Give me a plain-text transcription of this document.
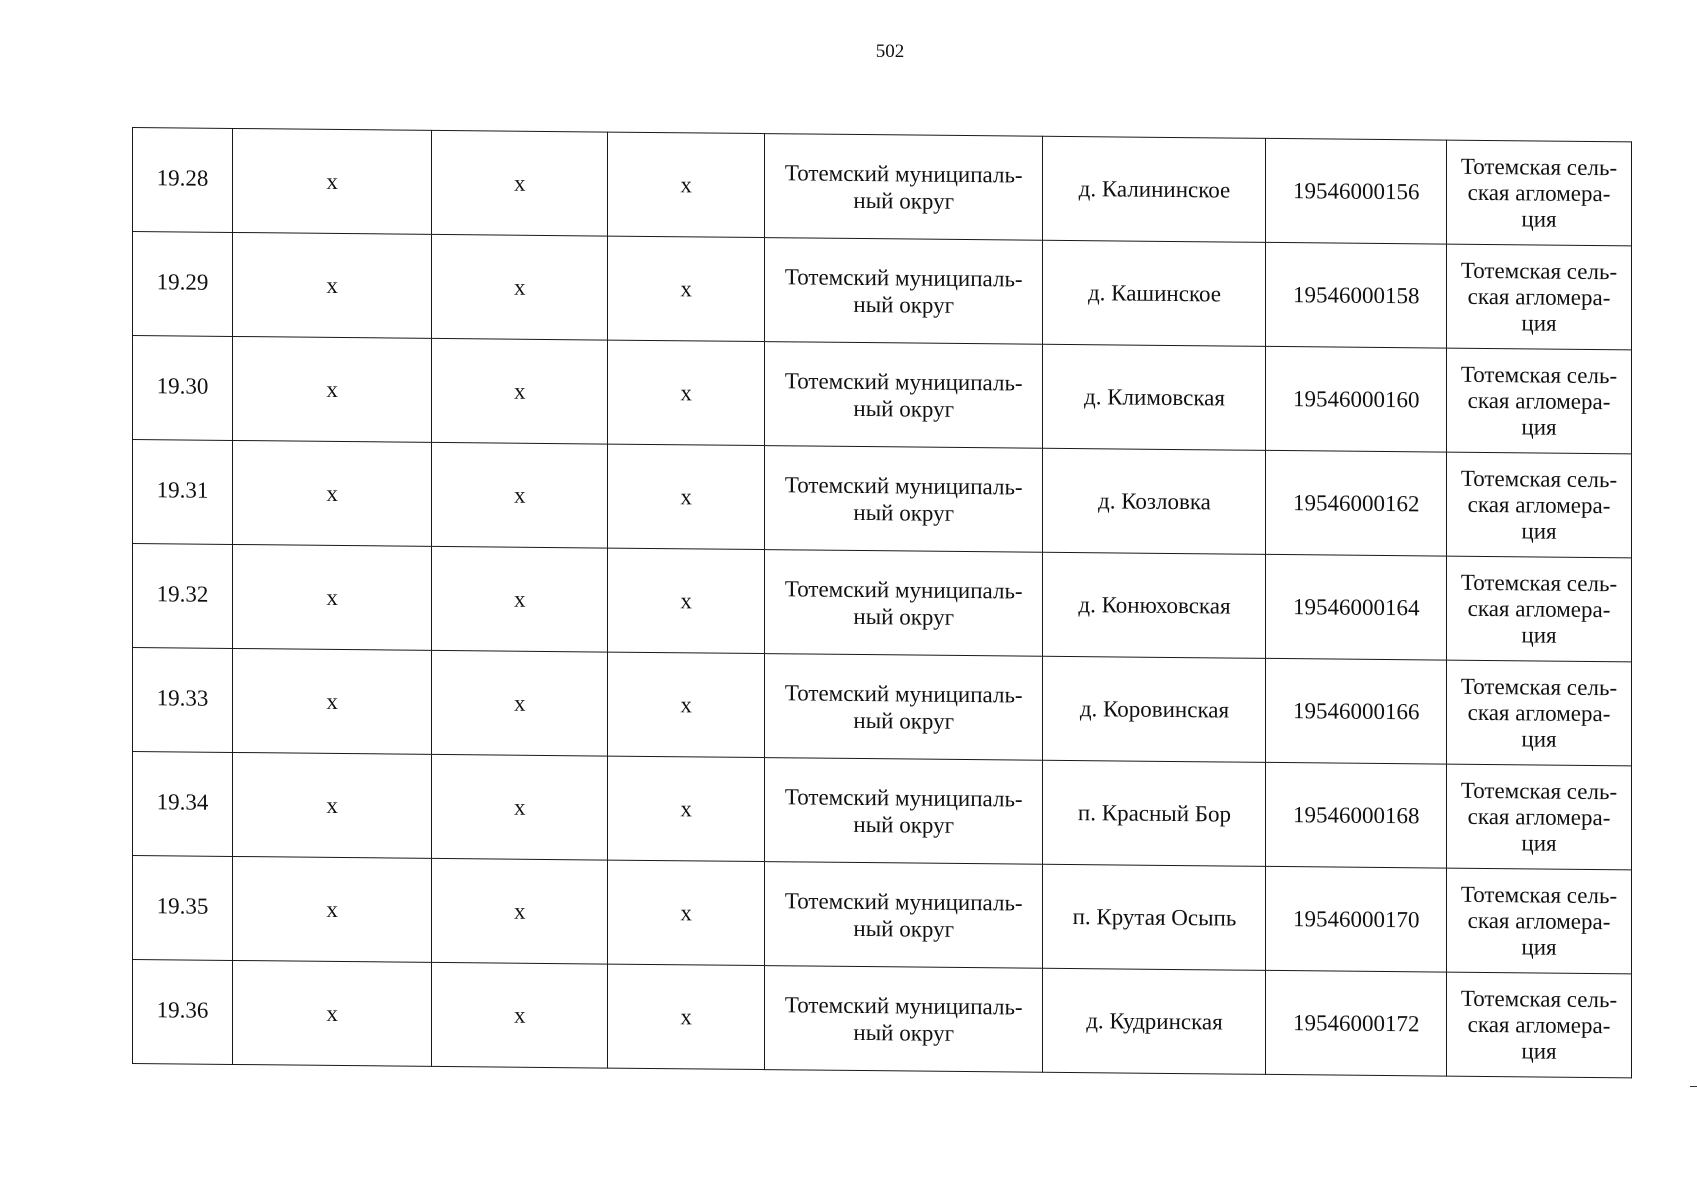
502
19.28	х	х	х	Тотемский муниципаль-ный округ	д. Калининское	19546000156	Тотемская сель-ская агломера-ция
19.29	х	х	х	Тотемский муниципаль-ный округ	д. Кашинское	19546000158	Тотемская сель-ская агломера-ция
19.30	х	х	х	Тотемский муниципаль-ный округ	д. Климовская	19546000160	Тотемская сель-ская агломера-ция
19.31	х	х	х	Тотемский муниципаль-ный округ	д. Козловка	19546000162	Тотемская сель-ская агломера-ция
19.32	х	х	х	Тотемский муниципаль-ный округ	д. Конюховская	19546000164	Тотемская сель-ская агломера-ция
19.33	х	х	х	Тотемский муниципаль-ный округ	д. Коровинская	19546000166	Тотемская сель-ская агломера-ция
19.34	х	х	х	Тотемский муниципаль-ный округ	п. Красный Бор	19546000168	Тотемская сель-ская агломера-ция
19.35	х	х	х	Тотемский муниципаль-ный округ	п. Крутая Осыпь	19546000170	Тотемская сель-ская агломера-ция
19.36	х	х	х	Тотемский муниципаль-ный округ	д. Кудринская	19546000172	Тотемская сель-ская агломера-ция
